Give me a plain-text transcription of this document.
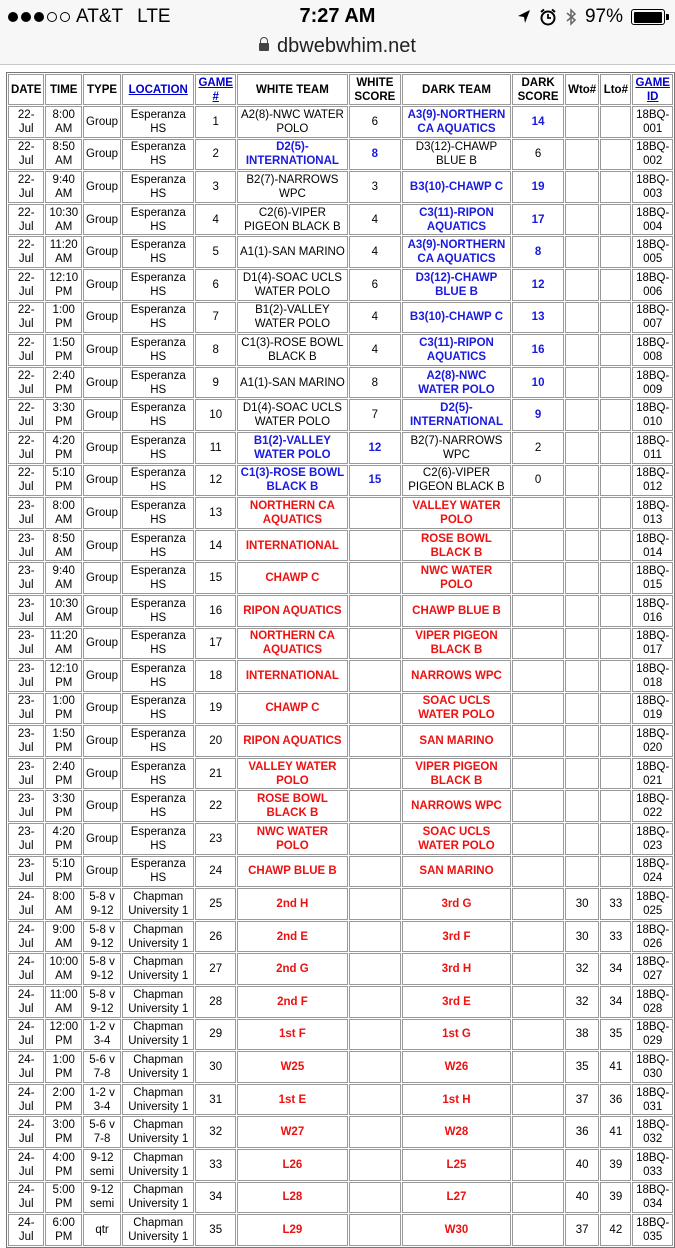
AT&T LTE	7:27 AM	97%
dbwebwhim.net
DATE	TIME	TYPE	LOCATION	GAME #	WHITE TEAM	WHITE SCORE	DARK TEAM	DARK SCORE	Wto#	Lto#	GAME ID
22-Jul	8:00 AM	Group	Esperanza HS	1	A2(8)-NWC WATER POLO	6	A3(9)-NORTHERN CA AQUATICS	14			18BQ-001
22-Jul	8:50 AM	Group	Esperanza HS	2	D2(5)-INTERNATIONAL	8	D3(12)-CHAWP BLUE B	6			18BQ-002
22-Jul	9:40 AM	Group	Esperanza HS	3	B2(7)-NARROWS WPC	3	B3(10)-CHAWP C	19			18BQ-003
22-Jul	10:30 AM	Group	Esperanza HS	4	C2(6)-VIPER PIGEON BLACK B	4	C3(11)-RIPON AQUATICS	17			18BQ-004
22-Jul	11:20 AM	Group	Esperanza HS	5	A1(1)-SAN MARINO	4	A3(9)-NORTHERN CA AQUATICS	8			18BQ-005
22-Jul	12:10 PM	Group	Esperanza HS	6	D1(4)-SOAC UCLS WATER POLO	6	D3(12)-CHAWP BLUE B	12			18BQ-006
22-Jul	1:00 PM	Group	Esperanza HS	7	B1(2)-VALLEY WATER POLO	4	B3(10)-CHAWP C	13			18BQ-007
22-Jul	1:50 PM	Group	Esperanza HS	8	C1(3)-ROSE BOWL BLACK B	4	C3(11)-RIPON AQUATICS	16			18BQ-008
22-Jul	2:40 PM	Group	Esperanza HS	9	A1(1)-SAN MARINO	8	A2(8)-NWC WATER POLO	10			18BQ-009
22-Jul	3:30 PM	Group	Esperanza HS	10	D1(4)-SOAC UCLS WATER POLO	7	D2(5)-INTERNATIONAL	9			18BQ-010
22-Jul	4:20 PM	Group	Esperanza HS	11	B1(2)-VALLEY WATER POLO	12	B2(7)-NARROWS WPC	2			18BQ-011
22-Jul	5:10 PM	Group	Esperanza HS	12	C1(3)-ROSE BOWL BLACK B	15	C2(6)-VIPER PIGEON BLACK B	0			18BQ-012
23-Jul	8:00 AM	Group	Esperanza HS	13	NORTHERN CA AQUATICS		VALLEY WATER POLO				18BQ-013
23-Jul	8:50 AM	Group	Esperanza HS	14	INTERNATIONAL		ROSE BOWL BLACK B				18BQ-014
23-Jul	9:40 AM	Group	Esperanza HS	15	CHAWP C		NWC WATER POLO				18BQ-015
23-Jul	10:30 AM	Group	Esperanza HS	16	RIPON AQUATICS		CHAWP BLUE B				18BQ-016
23-Jul	11:20 AM	Group	Esperanza HS	17	NORTHERN CA AQUATICS		VIPER PIGEON BLACK B				18BQ-017
23-Jul	12:10 PM	Group	Esperanza HS	18	INTERNATIONAL		NARROWS WPC				18BQ-018
23-Jul	1:00 PM	Group	Esperanza HS	19	CHAWP C		SOAC UCLS WATER POLO				18BQ-019
23-Jul	1:50 PM	Group	Esperanza HS	20	RIPON AQUATICS		SAN MARINO				18BQ-020
23-Jul	2:40 PM	Group	Esperanza HS	21	VALLEY WATER POLO		VIPER PIGEON BLACK B				18BQ-021
23-Jul	3:30 PM	Group	Esperanza HS	22	ROSE BOWL BLACK B		NARROWS WPC				18BQ-022
23-Jul	4:20 PM	Group	Esperanza HS	23	NWC WATER POLO		SOAC UCLS WATER POLO				18BQ-023
23-Jul	5:10 PM	Group	Esperanza HS	24	CHAWP BLUE B		SAN MARINO				18BQ-024
24-Jul	8:00 AM	5-8 v 9-12	Chapman University 1	25	2nd H		3rd G		30	33	18BQ-025
24-Jul	9:00 AM	5-8 v 9-12	Chapman University 1	26	2nd E		3rd F		30	33	18BQ-026
24-Jul	10:00 AM	5-8 v 9-12	Chapman University 1	27	2nd G		3rd H		32	34	18BQ-027
24-Jul	11:00 AM	5-8 v 9-12	Chapman University 1	28	2nd F		3rd E		32	34	18BQ-028
24-Jul	12:00 PM	1-2 v 3-4	Chapman University 1	29	1st F		1st G		38	35	18BQ-029
24-Jul	1:00 PM	5-6 v 7-8	Chapman University 1	30	W25		W26		35	41	18BQ-030
24-Jul	2:00 PM	1-2 v 3-4	Chapman University 1	31	1st E		1st H		37	36	18BQ-031
24-Jul	3:00 PM	5-6 v 7-8	Chapman University 1	32	W27		W28		36	41	18BQ-032
24-Jul	4:00 PM	9-12 semi	Chapman University 1	33	L26		L25		40	39	18BQ-033
24-Jul	5:00 PM	9-12 semi	Chapman University 1	34	L28		L27		40	39	18BQ-034
24-Jul	6:00 PM	qtr	Chapman University 1	35	L29		W30		37	42	18BQ-035
